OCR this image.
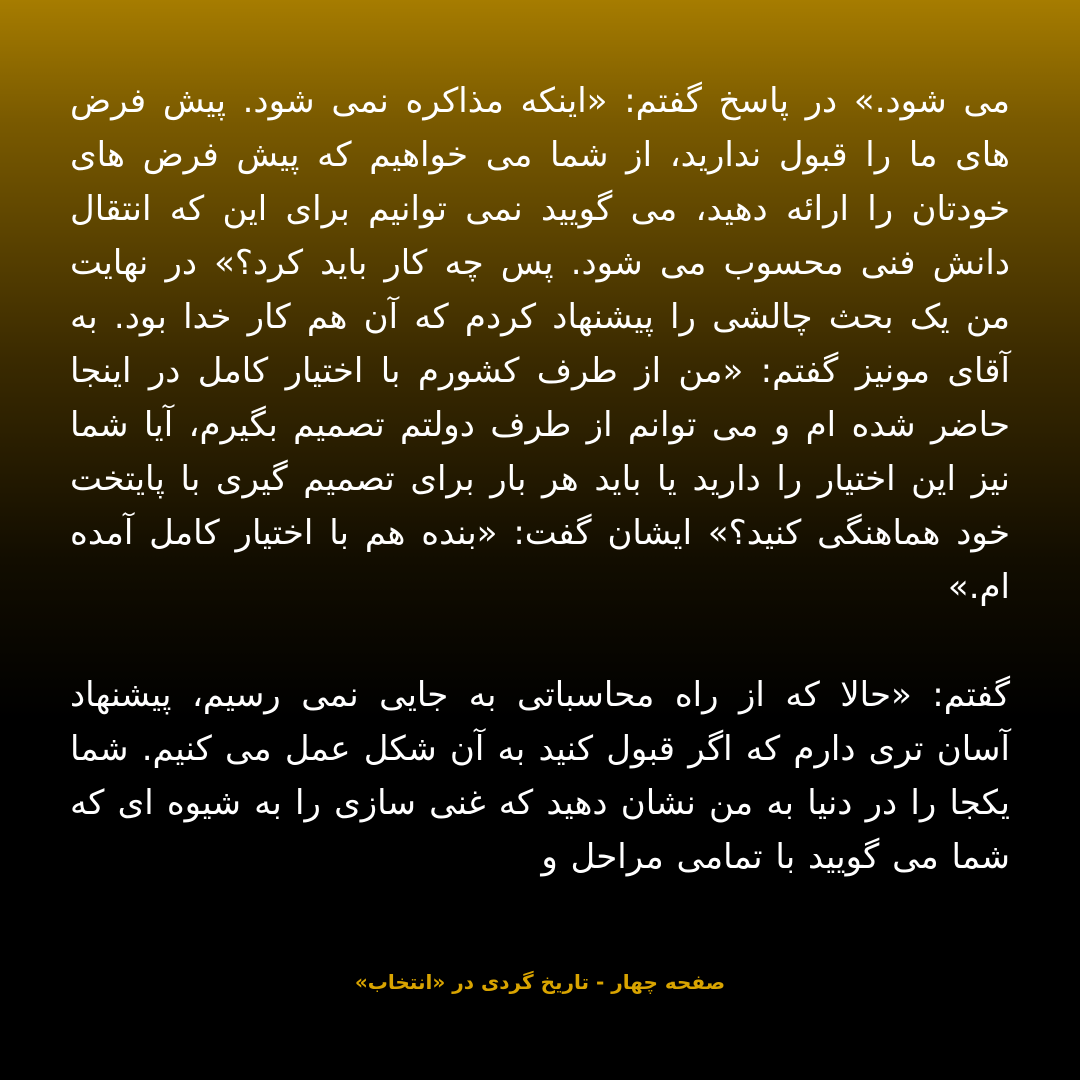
می شود.» در پاسخ گفتم: «اینکه مذاکره نمی شود. پیش فرض های ما را قبول ندارید، از شما می خواهیم که پیش فرض های خودتان را ارائه دهید، می گویید نمی توانیم برای این که انتقال دانش فنی محسوب می شود. پس چه کار باید کرد؟» در نهایت من یک بحث چالشی را پیشنهاد کردم که آن هم کار خدا بود. به آقای مونیز گفتم: «من از طرف کشورم با اختیار کامل در اینجا حاضر شده ام و می توانم از طرف دولتم تصمیم بگیرم، آیا شما نیز این اختیار را دارید یا باید هر بار برای تصمیم گیری با پایتخت خود هماهنگی کنید؟» ایشان گفت: «بنده هم با اختیار کامل آمده ام.»

گفتم: «حالا که از راه محاسباتی به جایی نمی رسیم، پیشنهاد آسان تری دارم که اگر قبول کنید به آن شکل عمل می کنیم. شما یکجا را در دنیا به من نشان دهید که غنی سازی را به شیوه ای که شما می گویید با تمامی مراحل و

صفحه چهار - تاریخ گردی در «انتخاب»
